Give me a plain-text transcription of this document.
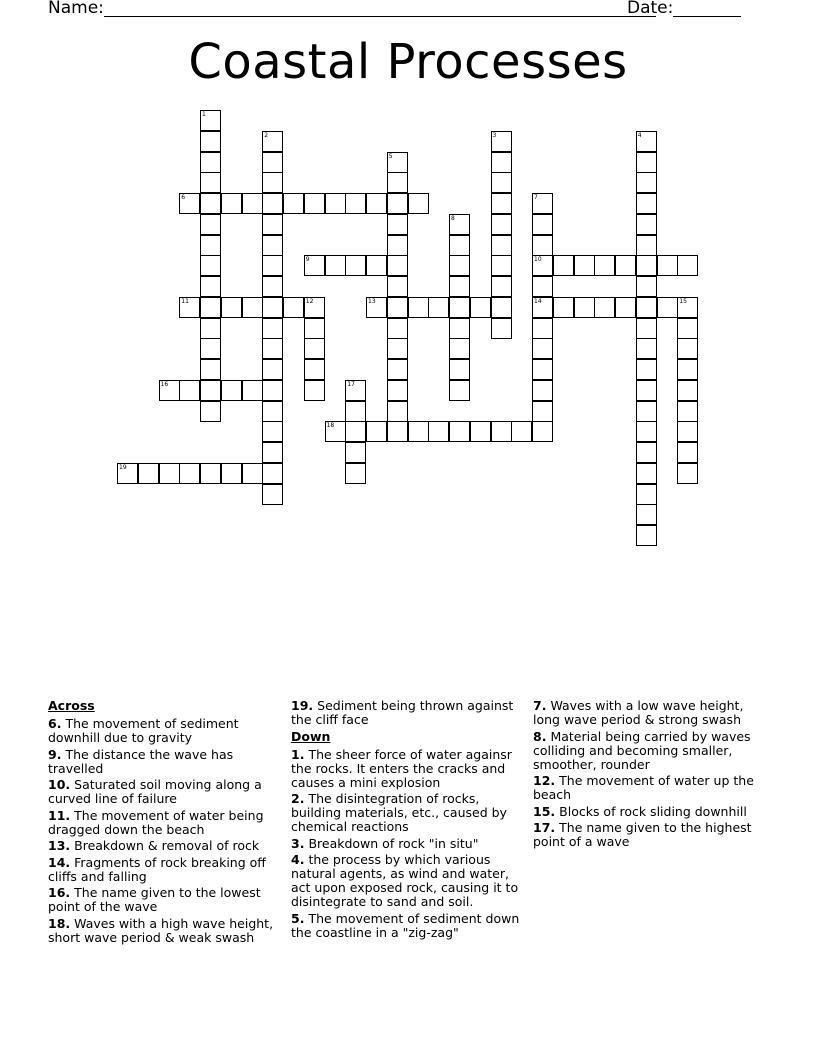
Name:	Date:
Coastal Processes
1
2	3	4
5
6	7
10
14
8
9
11	12	13	15
16	17
18
19
Across
6. The movement of sediment downhill due to gravity
9. The distance the wave has travelled
10. Saturated soil moving along a curved line of failure
11. The movement of water being dragged down the beach
13. Breakdown & removal of rock
14. Fragments of rock breaking off cliffs and falling
16. The name given to the lowest point of the wave
18. Waves with a high wave height, short wave period & weak swash
19. Sediment being thrown against the cliff face
Down
1. The sheer force of water againsr the rocks. It enters the cracks and causes a mini explosion
2. The disintegration of rocks, building materials, etc., caused by chemical reactions
3. Breakdown of rock "in situ"
4. the process by which various natural agents, as wind and water, act upon exposed rock, causing it to disintegrate to sand and soil.
5. The movement of sediment down the coastline in a "zig-zag"
7. Waves with a low wave height, long wave period & strong swash
8. Material being carried by waves colliding and becoming smaller, smoother, rounder
12. The movement of water up the beach
15. Blocks of rock sliding downhill
17. The name given to the highest point of a wave
